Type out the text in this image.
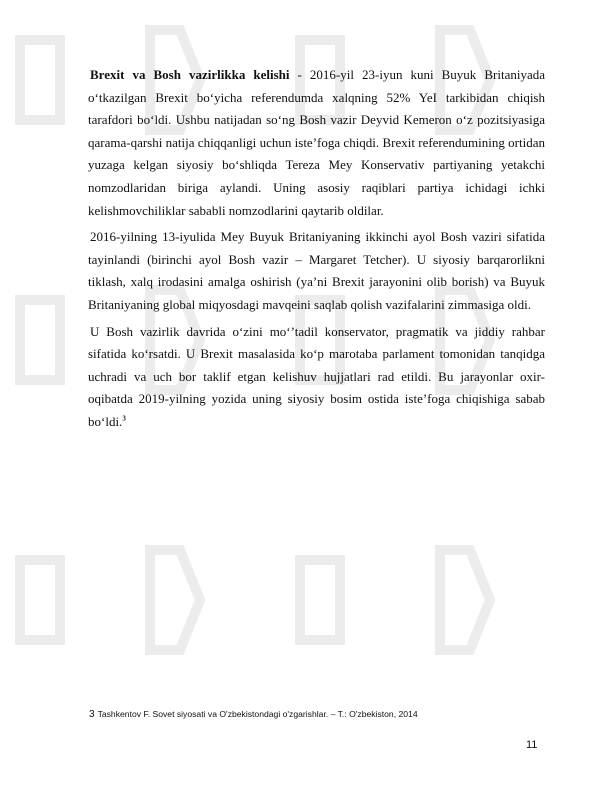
Brexit va Bosh vazirlikka kelishi - 2016-yil 23-iyun kuni Buyuk Britaniyada o‘tkazilgan Brexit bo‘yicha referendumda xalqning 52% YeI tarkibidan chiqish tarafdori bo‘ldi. Ushbu natijadan so‘ng Bosh vazir Deyvid Kemeron o‘z pozitsiyasiga qarama-qarshi natija chiqqanligi uchun iste’foga chiqdi. Brexit referendumining ortidan yuzaga kelgan siyosiy bo‘shliqda Tereza Mey Konservativ partiyaning yetakchi nomzodlaridan biriga aylandi. Uning asosiy raqiblari partiya ichidagi ichki kelishmovchiliklar sababli nomzodlarini qaytarib oldilar.

2016-yilning 13-iyulida Mey Buyuk Britaniyaning ikkinchi ayol Bosh vaziri sifatida tayinlandi (birinchi ayol Bosh vazir – Margaret Tetcher). U siyosiy barqarorlikni tiklash, xalq irodasini amalga oshirish (ya’ni Brexit jarayonini olib borish) va Buyuk Britaniyaning global miqyosdagi mavqeini saqlab qolish vazifalarini zimmasiga oldi.

U Bosh vazirlik davrida o‘zini mo‘’tadil konservator, pragmatik va jiddiy rahbar sifatida ko‘rsatdi. U Brexit masalasida ko‘p marotaba parlament tomonidan tanqidga uchradi va uch bor taklif etgan kelishuv hujjatlari rad etildi. Bu jarayonlar oxir-oqibatda 2019-yilning yozida uning siyosiy bosim ostida iste’foga chiqishiga sabab bo‘ldi.$^3$

3 Tashkentov F. Sovet siyosati va O'zbekistondagi o'zgarishlar. – T.: O'zbekiston, 2014
11
